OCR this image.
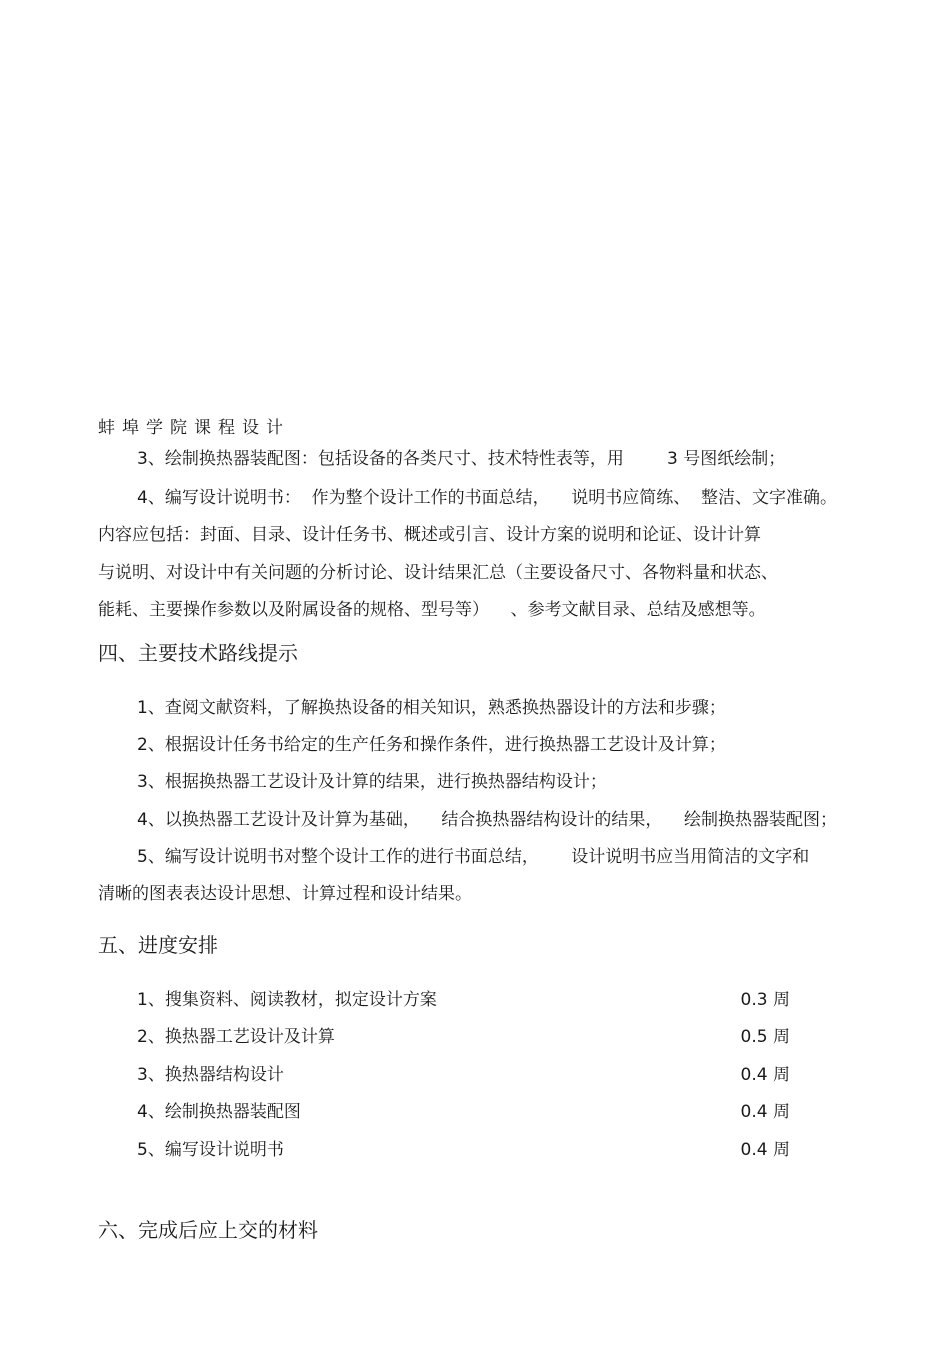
蚌埠学院课程设计
3、绘制换热器装配图：包括设备的各类尺寸、技术特性表等，用        3 号图纸绘制；
4、编写设计说明书：  作为整个设计工作的书面总结，    说明书应简练、  整洁、文字准确。
内容应包括：封面、目录、设计任务书、概述或引言、设计方案的说明和论证、设计计算
与说明、对设计中有关问题的分析讨论、设计结果汇总（主要设备尺寸、各物料量和状态、
能耗、主要操作参数以及附属设备的规格、型号等）    、参考文献目录、总结及感想等。
四、主要技术路线提示
1、查阅文献资料，了解换热设备的相关知识，熟悉换热器设计的方法和步骤；
2、根据设计任务书给定的生产任务和操作条件，进行换热器工艺设计及计算；
3、根据换热器工艺设计及计算的结果，进行换热器结构设计；
4、以换热器工艺设计及计算为基础，    结合换热器结构设计的结果，    绘制换热器装配图；
5、编写设计说明书对整个设计工作的进行书面总结，      设计说明书应当用简洁的文字和
清晰的图表表达设计思想、计算过程和设计结果。
五、进度安排
1、搜集资料、阅读教材，拟定设计方案	0.3 周
2、换热器工艺设计及计算	0.5 周
3、换热器结构设计	0.4 周
4、绘制换热器装配图	0.4 周
5、编写设计说明书	0.4 周
六、完成后应上交的材料
